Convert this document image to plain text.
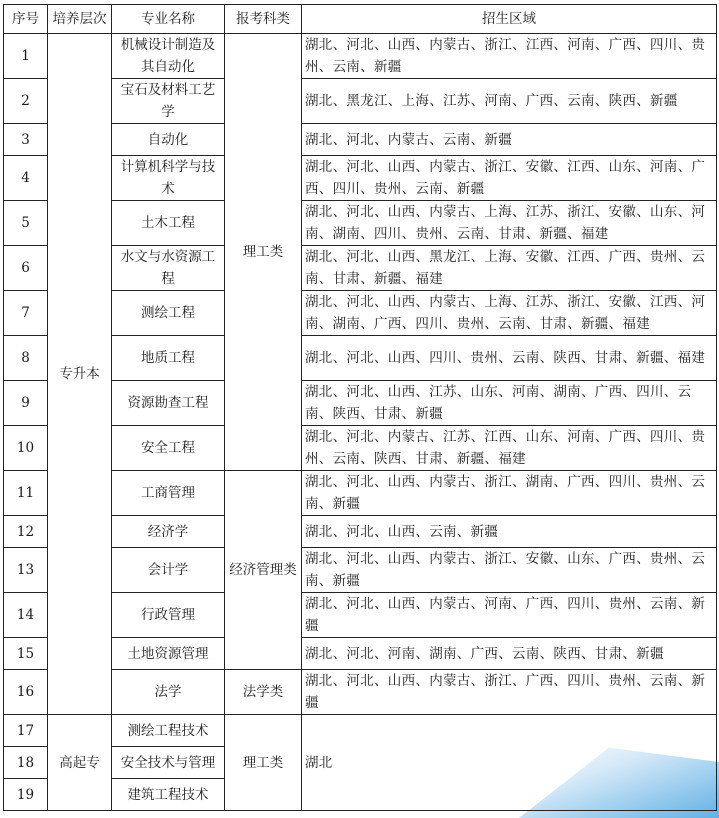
序号	培养层次	专业名称	报考科类	招生区域
1	专升本	机械设计制造及其自动化	理工类	湖北、河北、山西、内蒙古、浙江、江西、河南、广西、四川、贵州、云南、新疆
2		宝石及材料工艺学		湖北、黑龙江、上海、江苏、河南、广西、云南、陕西、新疆
3		自动化		湖北、河北、内蒙古、云南、新疆
4		计算机科学与技术		湖北、河北、山西、内蒙古、浙江、安徽、江西、山东、河南、广西、四川、贵州、云南、新疆
5		土木工程		湖北、河北、山西、内蒙古、上海、江苏、浙江、安徽、山东、河南、湖南、四川、贵州、云南、甘肃、新疆、福建
6		水文与水资源工程		湖北、河北、山西、黑龙江、上海、安徽、江西、广西、贵州、云南、甘肃、新疆、福建
7		测绘工程		湖北、河北、山西、内蒙古、上海、江苏、浙江、安徽、江西、河南、湖南、广西、四川、贵州、云南、甘肃、新疆、福建
8		地质工程		湖北、河北、山西、四川、贵州、云南、陕西、甘肃、新疆、福建
9		资源勘查工程		湖北、河北、山西、江苏、山东、河南、湖南、广西、四川、云南、陕西、甘肃、新疆
10		安全工程		湖北、河北、内蒙古、江苏、江西、山东、河南、广西、四川、贵州、云南、陕西、甘肃、新疆、福建
11		工商管理	经济管理类	湖北、河北、山西、内蒙古、浙江、湖南、广西、四川、贵州、云南、新疆
12		经济学		湖北、河北、山西、云南、新疆
13		会计学		湖北、河北、山西、内蒙古、浙江、安徽、山东、广西、贵州、云南、新疆
14		行政管理		湖北、河北、山西、内蒙古、河南、广西、四川、贵州、云南、新疆
15		土地资源管理		湖北、河北、河南、湖南、广西、云南、陕西、甘肃、新疆
16		法学	法学类	湖北、河北、山西、内蒙古、浙江、广西、四川、贵州、云南、新疆
17	高起专	测绘工程技术	理工类	湖北
18		安全技术与管理		
19		建筑工程技术		
